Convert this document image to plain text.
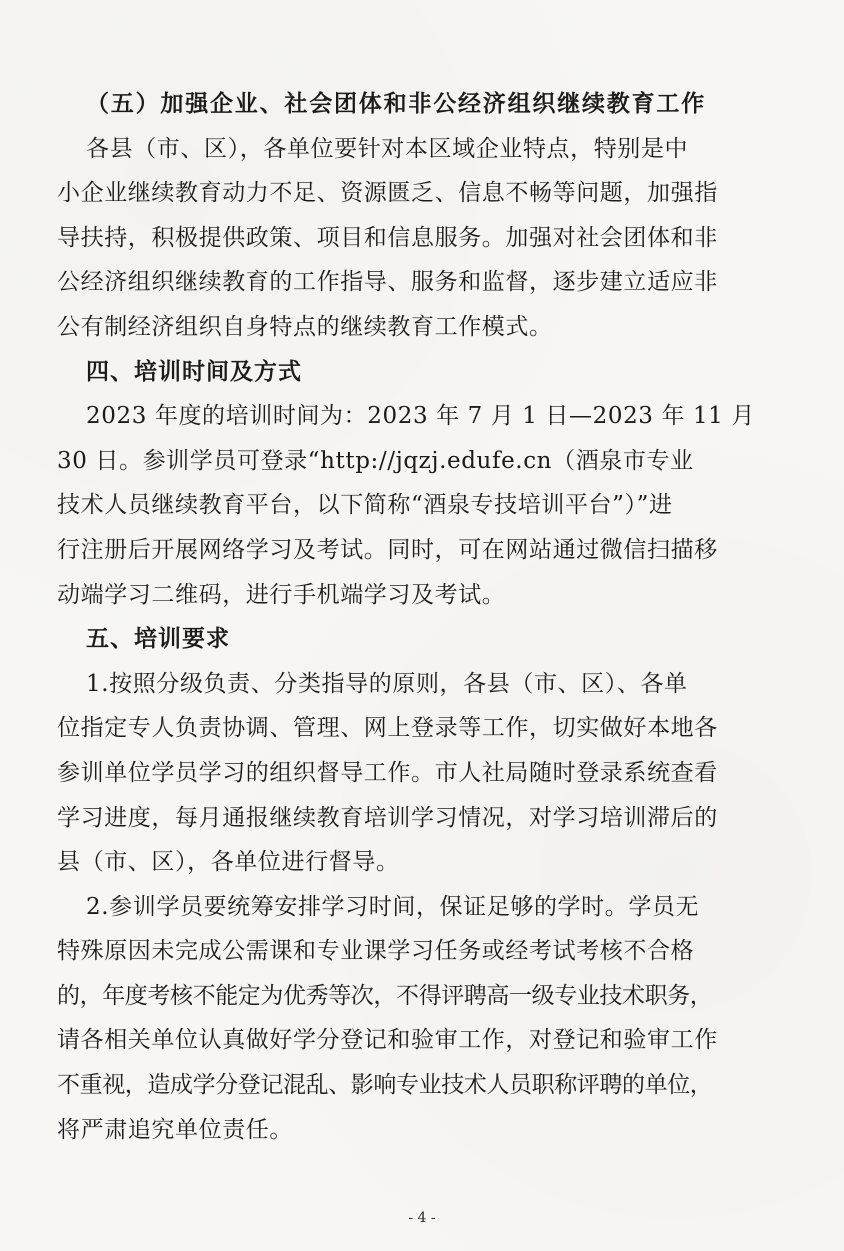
（五）加强企业、社会团体和非公经济组织继续教育工作
各县（市、区），各单位要针对本区域企业特点，特别是中
小企业继续教育动力不足、资源匮乏、信息不畅等问题，加强指
导扶持，积极提供政策、项目和信息服务。加强对社会团体和非
公经济组织继续教育的工作指导、服务和监督，逐步建立适应非
公有制经济组织自身特点的继续教育工作模式。
四、培训时间及方式
2023 年度的培训时间为：2023 年 7 月 1 日—2023 年 11 月
30 日。参训学员可登录“http://jqzj.edufe.cn（酒泉市专业
技术人员继续教育平台，以下简称“酒泉专技培训平台”）”进
行注册后开展网络学习及考试。同时，可在网站通过微信扫描移
动端学习二维码，进行手机端学习及考试。
五、培训要求
1.按照分级负责、分类指导的原则，各县（市、区）、各单
位指定专人负责协调、管理、网上登录等工作，切实做好本地各
参训单位学员学习的组织督导工作。市人社局随时登录系统查看
学习进度，每月通报继续教育培训学习情况，对学习培训滞后的
县（市、区），各单位进行督导。
2.参训学员要统筹安排学习时间，保证足够的学时。学员无
特殊原因未完成公需课和专业课学习任务或经考试考核不合格
的，年度考核不能定为优秀等次，不得评聘高一级专业技术职务，
请各相关单位认真做好学分登记和验审工作，对登记和验审工作
不重视，造成学分登记混乱、影响专业技术人员职称评聘的单位，
将严肃追究单位责任。
- 4 -
